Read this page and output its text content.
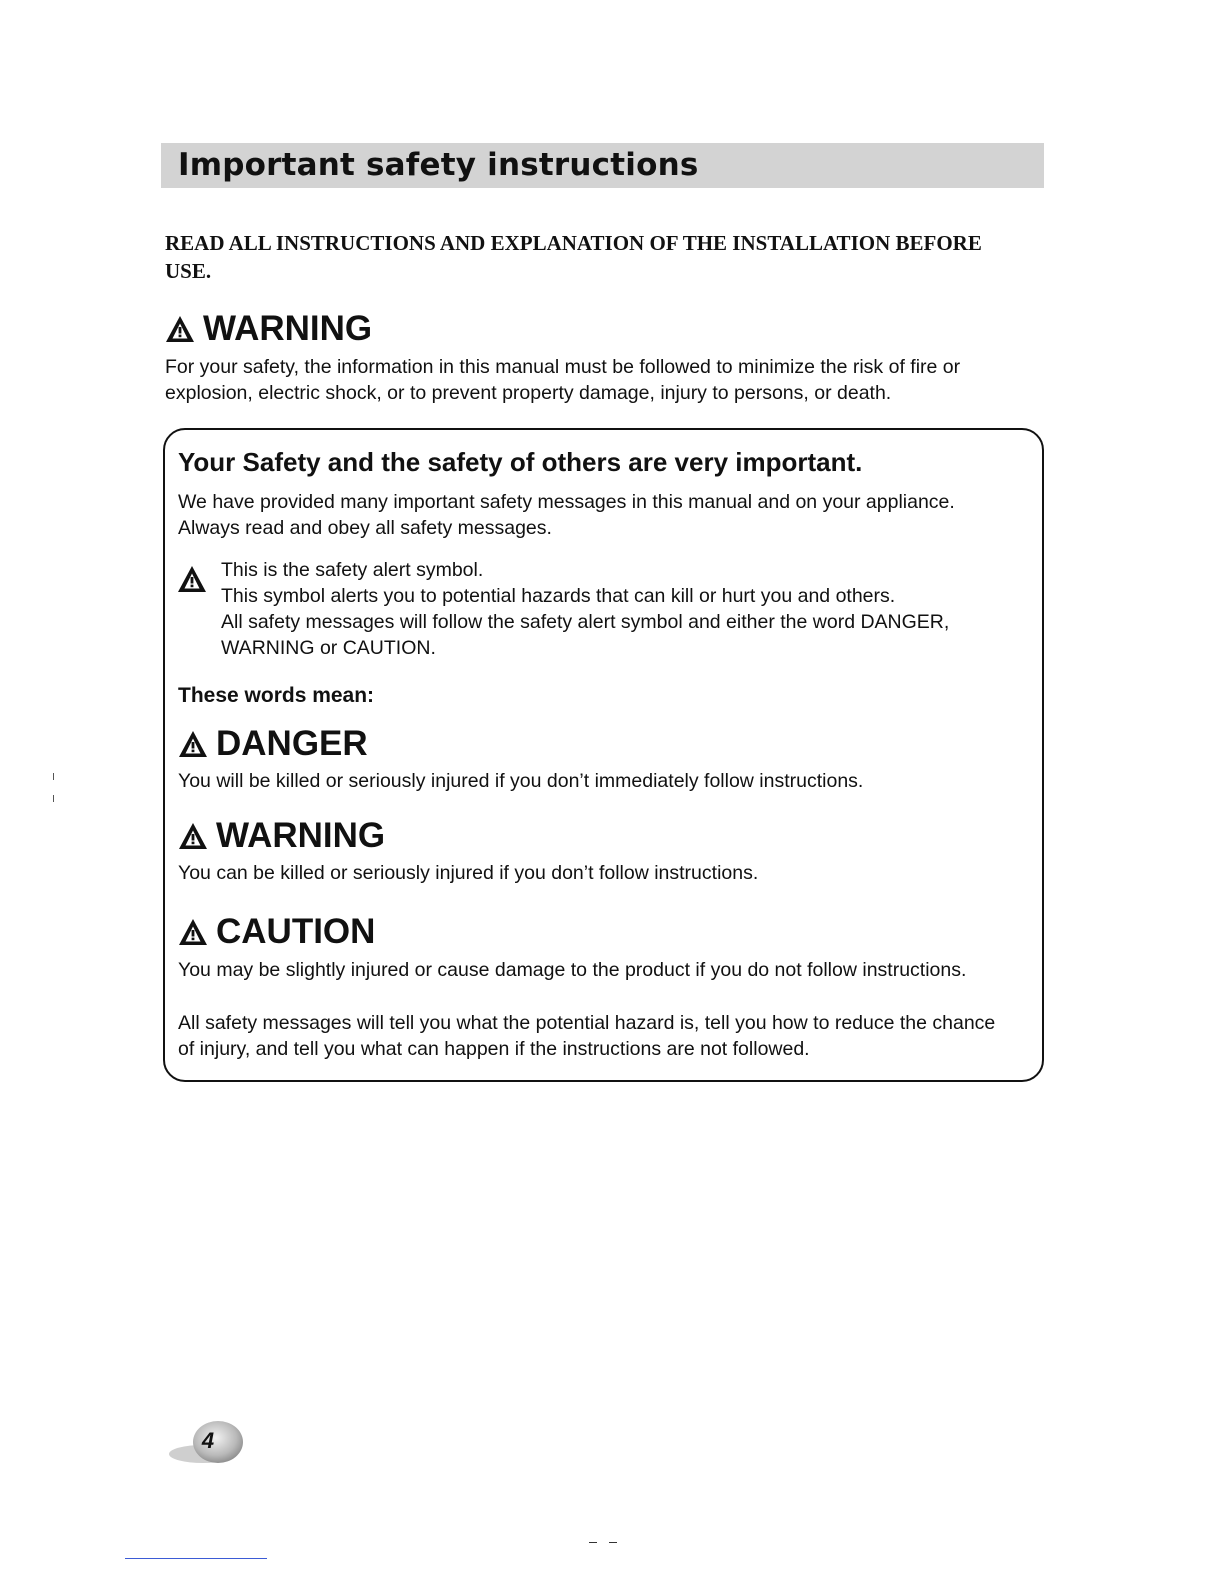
Important safety instructions
READ ALL INSTRUCTIONS AND EXPLANATION OF THE INSTALLATION BEFORE USE.
WARNING
For your safety, the information in this manual must be followed to minimize the risk of fire or
explosion, electric shock, or to prevent property damage, injury to persons, or death.
Your Safety and the safety of others are very important.
We have provided many important safety messages in this manual and on your appliance.
Always read and obey all safety messages.
This is the safety alert symbol.
This symbol alerts you to potential hazards that can kill or hurt you and others.
All safety messages will follow the safety alert symbol and either the word DANGER,
WARNING or CAUTION.
These words mean:
DANGER
You will be killed or seriously injured if you don’t immediately follow instructions.
WARNING
You can be killed or seriously injured if you don’t follow instructions.
CAUTION
You may be slightly injured or cause damage to the product if you do not follow instructions.
All safety messages will tell you what the potential hazard is, tell you how to reduce the chance
of injury, and tell you what can happen if the instructions are not followed.
4
